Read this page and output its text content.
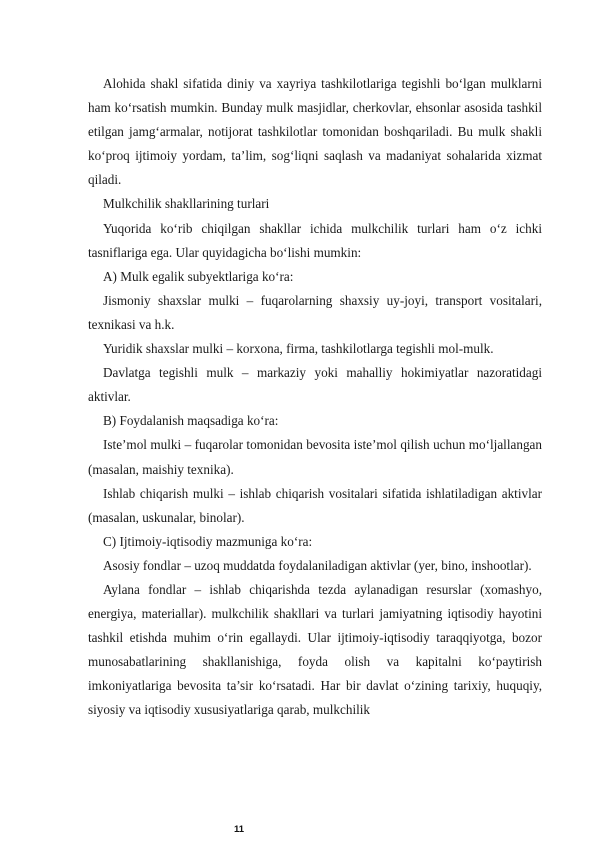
Alohida shakl sifatida diniy va xayriya tashkilotlariga tegishli bo‘lgan mulklarni ham ko‘rsatish mumkin. Bunday mulk masjidlar, cherkovlar, ehsonlar asosida tashkil etilgan jamg‘armalar, notijorat tashkilotlar tomonidan boshqariladi. Bu mulk shakli ko‘proq ijtimoiy yordam, ta’lim, sog‘liqni saqlash va madaniyat sohalarida xizmat qiladi.

Mulkchilik shakllarining turlari

Yuqorida ko‘rib chiqilgan shakllar ichida mulkchilik turlari ham o‘z ichki tasniflariga ega. Ular quyidagicha bo‘lishi mumkin:

A) Mulk egalik subyektlariga ko‘ra:

Jismoniy shaxslar mulki – fuqarolarning shaxsiy uy-joyi, transport vositalari, texnikasi va h.k.

Yuridik shaxslar mulki – korxona, firma, tashkilotlarga tegishli mol-mulk.

Davlatga tegishli mulk – markaziy yoki mahalliy hokimiyatlar nazoratidagi aktivlar.

B) Foydalanish maqsadiga ko‘ra:

Iste’mol mulki – fuqarolar tomonidan bevosita iste’mol qilish uchun mo‘ljallangan (masalan, maishiy texnika).

Ishlab chiqarish mulki – ishlab chiqarish vositalari sifatida ishlatiladigan aktivlar (masalan, uskunalar, binolar).

C) Ijtimoiy-iqtisodiy mazmuniga ko‘ra:

Asosiy fondlar – uzoq muddatda foydalaniladigan aktivlar (yer, bino, inshootlar).

Aylana fondlar – ishlab chiqarishda tezda aylanadigan resurslar (xomashyo, energiya, materiallar). mulkchilik shakllari va turlari jamiyatning iqtisodiy hayotini tashkil etishda muhim o‘rin egallaydi. Ular ijtimoiy-iqtisodiy taraqqiyotga, bozor munosabatlarining shakllanishiga, foyda olish va kapitalni ko‘paytirish imkoniyatlariga bevosita ta’sir ko‘rsatadi. Har bir davlat o‘zining tarixiy, huquqiy, siyosiy va iqtisodiy xususiyatlariga qarab, mulkchilik

11
